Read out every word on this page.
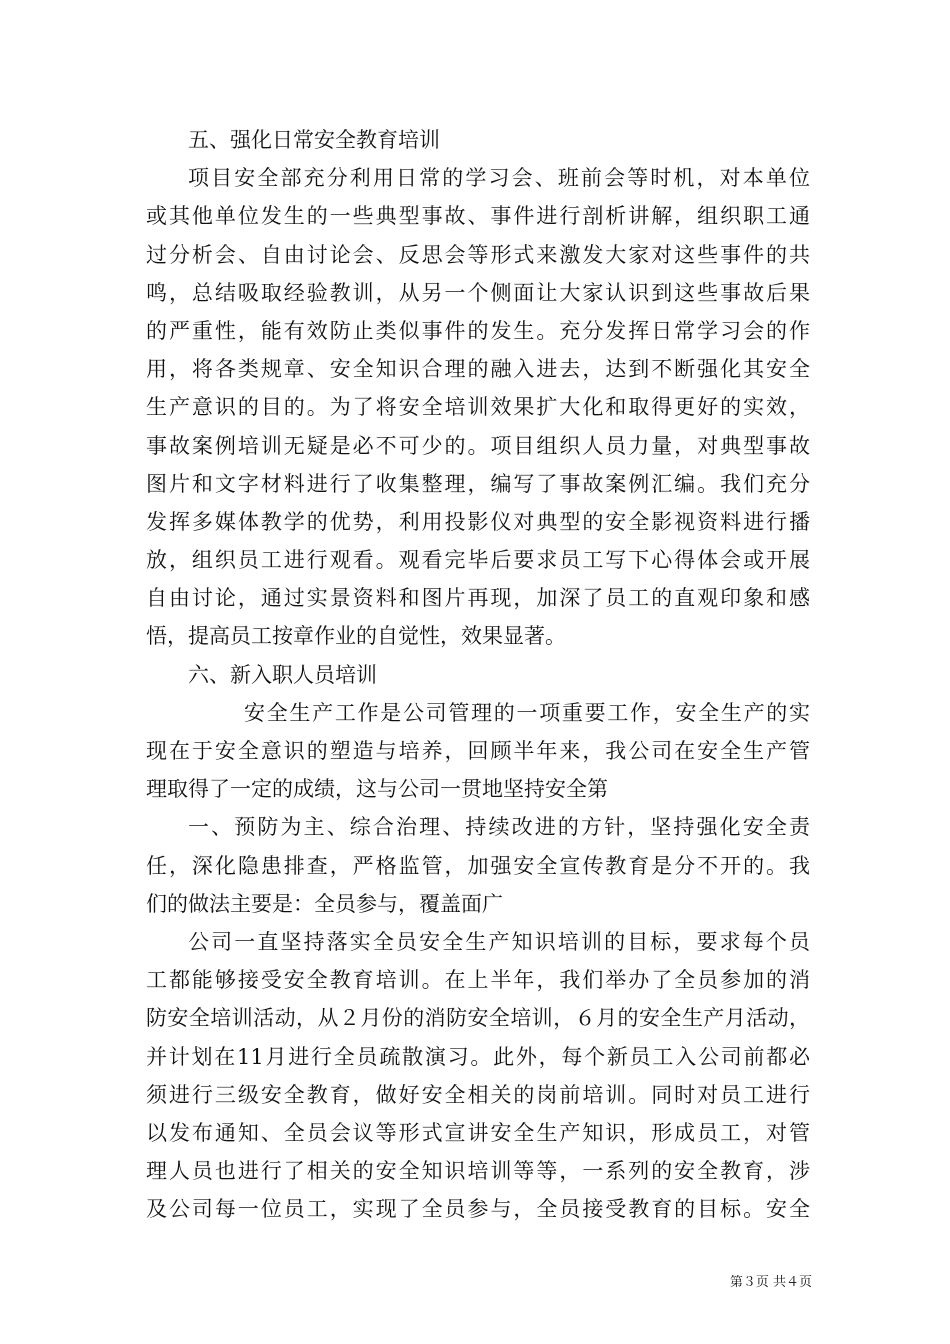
五、强化日常安全教育培训
项目安全部充分利用日常的学习会、班前会等时机，对本单位
或其他单位发生的一些典型事故、事件进行剖析讲解，组织职工通
过分析会、自由讨论会、反思会等形式来激发大家对这些事件的共
鸣，总结吸取经验教训，从另一个侧面让大家认识到这些事故后果
的严重性，能有效防止类似事件的发生。充分发挥日常学习会的作
用，将各类规章、安全知识合理的融入进去，达到不断强化其安全
生产意识的目的。为了将安全培训效果扩大化和取得更好的实效，
事故案例培训无疑是必不可少的。项目组织人员力量，对典型事故
图片和文字材料进行了收集整理，编写了事故案例汇编。我们充分
发挥多媒体教学的优势，利用投影仪对典型的安全影视资料进行播
放，组织员工进行观看。观看完毕后要求员工写下心得体会或开展
自由讨论，通过实景资料和图片再现，加深了员工的直观印象和感
悟，提高员工按章作业的自觉性，效果显著。
六、新入职人员培训
安全生产工作是公司管理的一项重要工作，安全生产的实
现在于安全意识的塑造与培养，回顾半年来，我公司在安全生产管
理取得了一定的成绩，这与公司一贯地坚持安全第
一、预防为主、综合治理、持续改进的方针，坚持强化安全责
任，深化隐患排查，严格监管，加强安全宣传教育是分不开的。我
们的做法主要是：全员参与，覆盖面广
公司一直坚持落实全员安全生产知识培训的目标，要求每个员
工都能够接受安全教育培训。在上半年，我们举办了全员参加的消
防安全培训活动，从２月份的消防安全培训，６月的安全生产月活动，
并计划在11月进行全员疏散演习。此外，每个新员工入公司前都必
须进行三级安全教育，做好安全相关的岗前培训。同时对员工进行
以发布通知、全员会议等形式宣讲安全生产知识，形成员工，对管
理人员也进行了相关的安全知识培训等等，一系列的安全教育，涉
及公司每一位员工，实现了全员参与，全员接受教育的目标。安全
第３页 共４页
